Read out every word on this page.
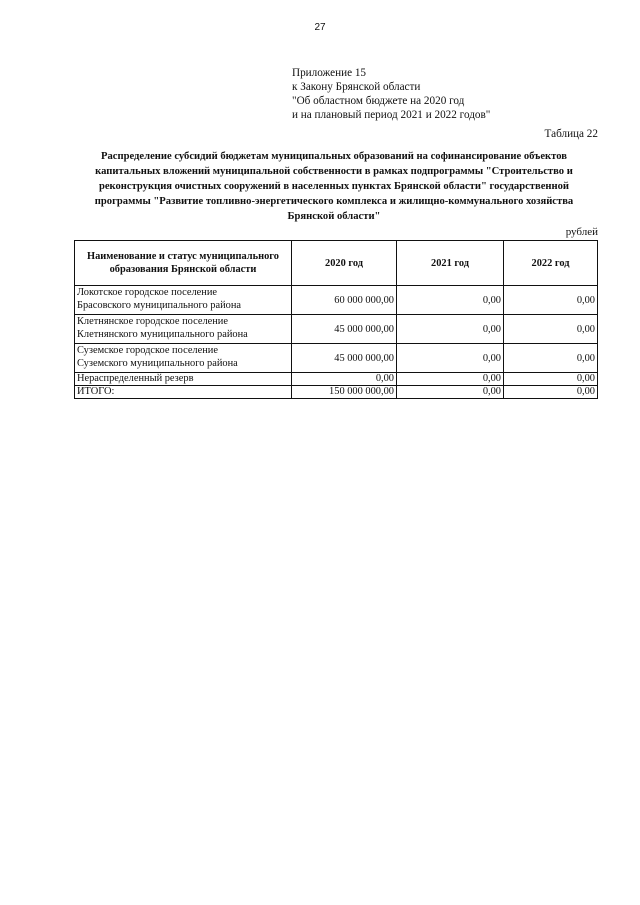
27
Приложение 15
к Закону Брянской области
"Об областном бюджете на 2020 год
и на плановый период 2021 и 2022 годов"
Таблица 22
Распределение субсидий бюджетам муниципальных образований на софинансирование объектов
капитальных вложений муниципальной собственности в рамках подпрограммы "Строительство и
реконструкция очистных сооружений в населенных пунктах Брянской области" государственной
программы "Развитие топливно-энергетического комплекса и жилищно-коммунального хозяйства
Брянской области"
рублей
Наименование и статус муниципального
образования Брянской области	2020 год	2021 год	2022 год

Локотское городское поселение
Брасовского муниципального района	60 000 000,00	0,00	0,00

Клетнянское городское поселение
Клетнянского муниципального района	45 000 000,00	0,00	0,00

Суземское городское поселение
Суземского муниципального района	45 000 000,00	0,00	0,00
Нераспределенный резерв	0,00	0,00	0,00
ИТОГО:	150 000 000,00	0,00	0,00
